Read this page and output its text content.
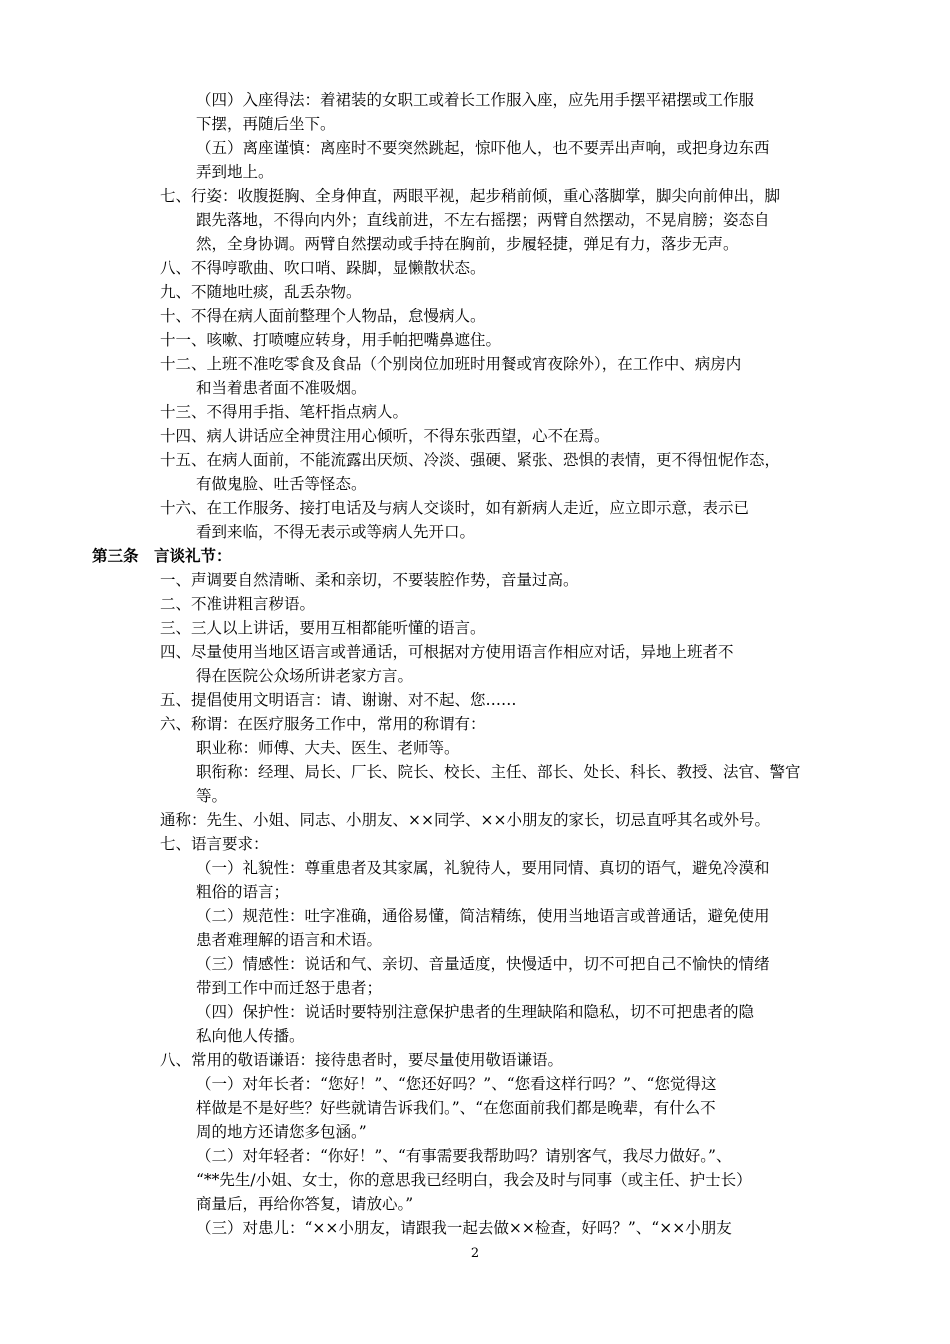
（四）入座得法：着裙装的女职工或着长工作服入座，应先用手摆平裙摆或工作服
下摆，再随后坐下。
（五）离座谨慎：离座时不要突然跳起，惊吓他人，也不要弄出声响，或把身边东西
弄到地上。
七、行姿：收腹挺胸、全身伸直，两眼平视，起步稍前倾，重心落脚掌，脚尖向前伸出，脚
跟先落地，不得向内外；直线前进，不左右摇摆；两臂自然摆动，不晃肩膀；姿态自
然，全身协调。两臂自然摆动或手持在胸前，步履轻捷，弹足有力，落步无声。
八、不得哼歌曲、吹口哨、跺脚，显懒散状态。
九、不随地吐痰，乱丢杂物。
十、不得在病人面前整理个人物品，怠慢病人。
十一、咳嗽、打喷嚏应转身，用手帕把嘴鼻遮住。
十二、上班不准吃零食及食品（个别岗位加班时用餐或宵夜除外），在工作中、病房内
和当着患者面不准吸烟。
十三、不得用手指、笔杆指点病人。
十四、病人讲话应全神贯注用心倾听，不得东张西望，心不在焉。
十五、在病人面前，不能流露出厌烦、冷淡、强硬、紧张、恐惧的表情，更不得忸怩作态，
有做鬼脸、吐舌等怪态。
十六、在工作服务、接打电话及与病人交谈时，如有新病人走近，应立即示意，表示已
看到来临，不得无表示或等病人先开口。
第三条　言谈礼节：
一、声调要自然清晰、柔和亲切，不要装腔作势，音量过高。
二、不准讲粗言秽语。
三、三人以上讲话，要用互相都能听懂的语言。
四、尽量使用当地区语言或普通话，可根据对方使用语言作相应对话，异地上班者不
得在医院公众场所讲老家方言。
五、提倡使用文明语言：请、谢谢、对不起、您……
六、称谓：在医疗服务工作中，常用的称谓有：
职业称：师傅、大夫、医生、老师等。
职衔称：经理、局长、厂长、院长、校长、主任、部长、处长、科长、教授、法官、警官
等。
通称：先生、小姐、同志、小朋友、××同学、××小朋友的家长，切忌直呼其名或外号。
七、语言要求：
（一）礼貌性：尊重患者及其家属，礼貌待人，要用同情、真切的语气，避免冷漠和
粗俗的语言；
（二）规范性：吐字准确，通俗易懂，简洁精练，使用当地语言或普通话，避免使用
患者难理解的语言和术语。
（三）情感性：说话和气、亲切、音量适度，快慢适中，切不可把自己不愉快的情绪
带到工作中而迁怒于患者；
（四）保护性：说话时要特别注意保护患者的生理缺陷和隐私，切不可把患者的隐
私向他人传播。
八、常用的敬语谦语：接待患者时，要尽量使用敬语谦语。
（一）对年长者：“您好！”、“您还好吗？”、“您看这样行吗？”、“您觉得这
样做是不是好些？好些就请告诉我们。”、“在您面前我们都是晚辈，有什么不
周的地方还请您多包涵。”
（二）对年轻者：“你好！”、“有事需要我帮助吗？请别客气，我尽力做好。”、
“**先生/小姐、女士，你的意思我已经明白，我会及时与同事（或主任、护士长）
商量后，再给你答复，请放心。”
（三）对患儿：“××小朋友，请跟我一起去做××检查，好吗？”、“××小朋友
2
